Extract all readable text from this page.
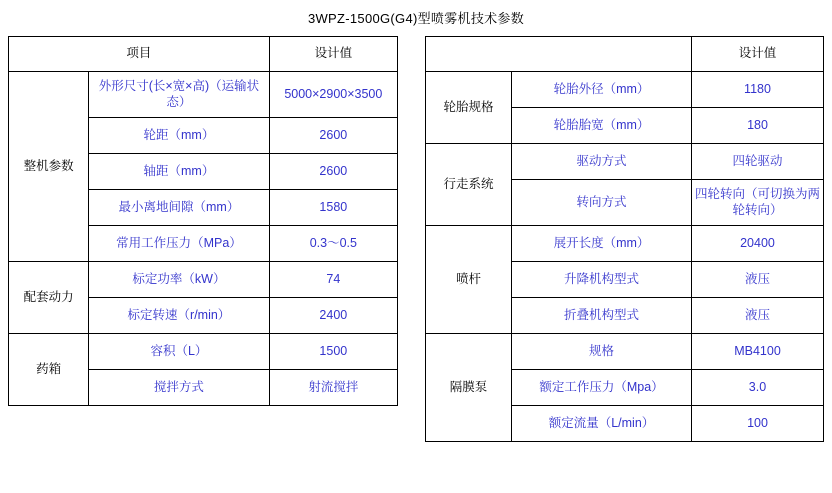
3WPZ-1500G(G4)型喷雾机技术参数
项目		设计值
整机参数	外形尺寸(长×宽×高)（运输状态）	5000×2900×3500
	轮距（mm）	2600
	轴距（mm）	2600
	最小离地间隙（mm）	1580
	常用工作压力（MPa）	0.3～0.5
配套动力	标定功率（kW）	74
	标定转速（r/min）	2400
药箱	容积（L）	1500
	搅拌方式	射流搅拌
		设计值
轮胎规格	轮胎外径（mm）	1180
	轮胎胎宽（mm）	180
行走系统	驱动方式	四轮驱动
	转向方式	四轮转向（可切换为两轮转向）
喷杆	展开长度（mm）	20400
	升降机构型式	液压
	折叠机构型式	液压
隔膜泵	规格	MB4100
	额定工作压力（Mpa）	3.0
	额定流量（L/min）	100
